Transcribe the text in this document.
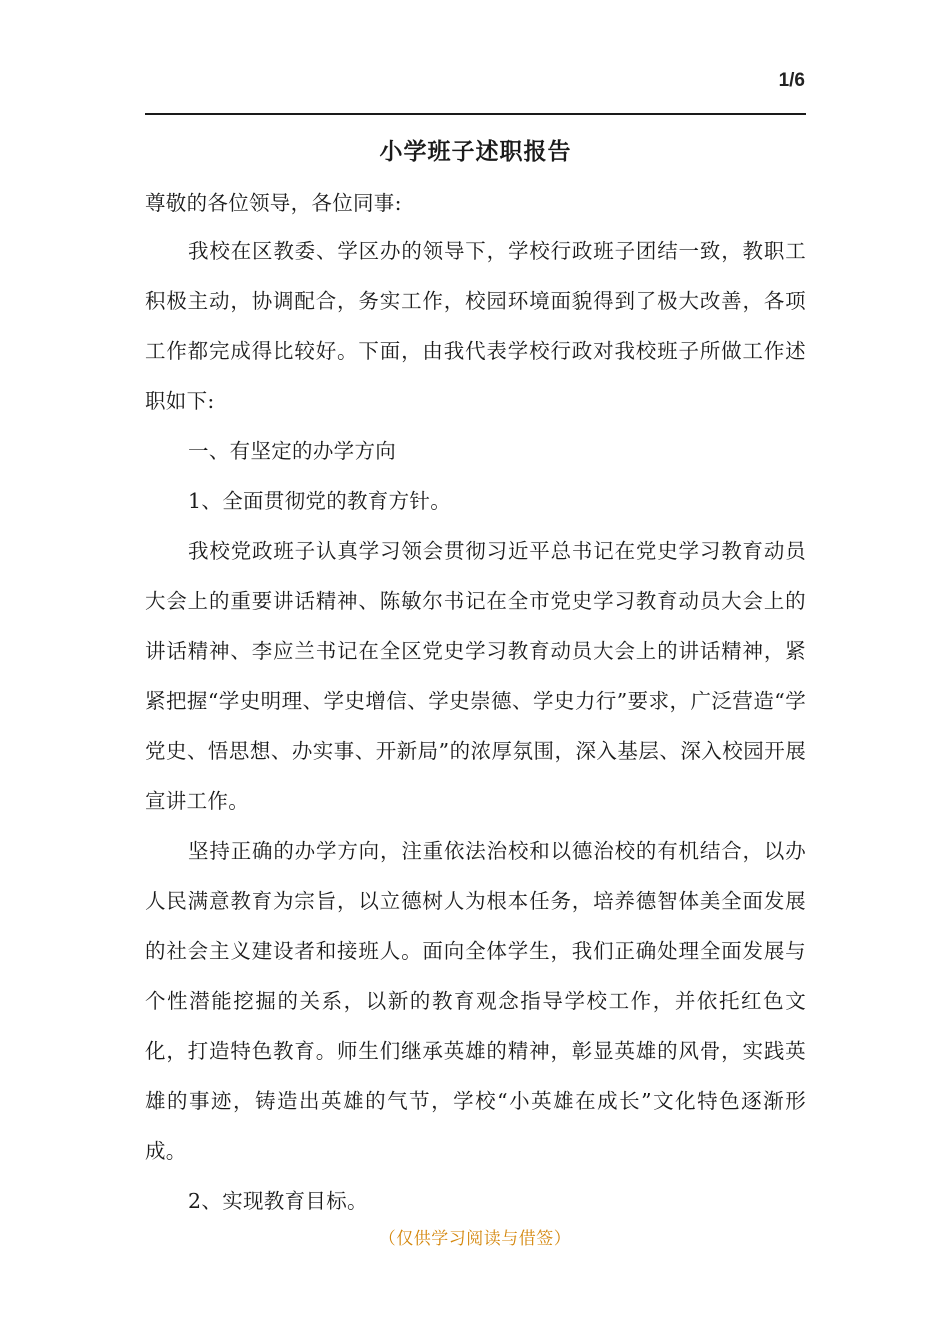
1/6
小学班子述职报告

尊敬的各位领导，各位同事:

我校在区教委、学区办的领导下，学校行政班子团结一致，教职工积极主动，协调配合，务实工作，校园环境面貌得到了极大改善，各项工作都完成得比较好。下面，由我代表学校行政对我校班子所做工作述职如下:

一、有坚定的办学方向

1、全面贯彻党的教育方针。

我校党政班子认真学习领会贯彻习近平总书记在党史学习教育动员大会上的重要讲话精神、陈敏尔书记在全市党史学习教育动员大会上的讲话精神、李应兰书记在全区党史学习教育动员大会上的讲话精神，紧紧把握“学史明理、学史增信、学史崇德、学史力行”要求，广泛营造“学党史、悟思想、办实事、开新局”的浓厚氛围，深入基层、深入校园开展宣讲工作。

坚持正确的办学方向，注重依法治校和以德治校的有机结合，以办人民满意教育为宗旨，以立德树人为根本任务，培养德智体美全面发展的社会主义建设者和接班人。面向全体学生，我们正确处理全面发展与个性潜能挖掘的关系，以新的教育观念指导学校工作，并依托红色文化，打造特色教育。师生们继承英雄的精神，彰显英雄的风骨，实践英雄的事迹，铸造出英雄的气节，学校“小英雄在成长”文化特色逐渐形成。

2、实现教育目标。

（仅供学习阅读与借签）
